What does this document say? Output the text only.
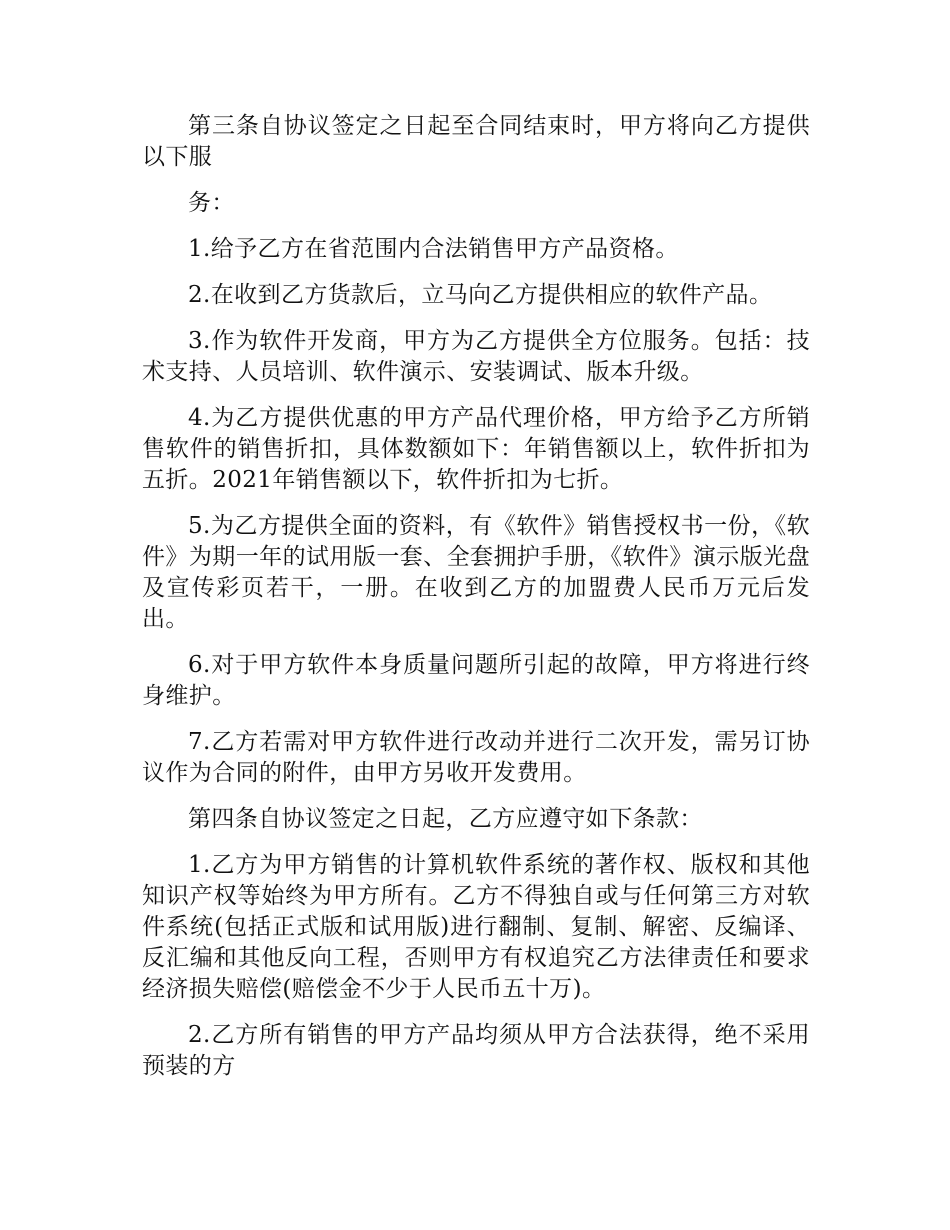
第三条自协议签定之日起至合同结束时，甲方将向乙方提供以下服

务：

1.给予乙方在省范围内合法销售甲方产品资格。

2.在收到乙方货款后，立马向乙方提供相应的软件产品。

3.作为软件开发商，甲方为乙方提供全方位服务。包括：技术支持、人员培训、软件演示、安装调试、版本升级。

4.为乙方提供优惠的甲方产品代理价格，甲方给予乙方所销售软件的销售折扣，具体数额如下：年销售额以上，软件折扣为五折。2021年销售额以下，软件折扣为七折。

5.为乙方提供全面的资料，有《软件》销售授权书一份，《软件》为期一年的试用版一套、全套拥护手册，《软件》演示版光盘及宣传彩页若干，一册。在收到乙方的加盟费人民币万元后发出。

6.对于甲方软件本身质量问题所引起的故障，甲方将进行终身维护。

7.乙方若需对甲方软件进行改动并进行二次开发，需另订协议作为合同的附件，由甲方另收开发费用。

第四条自协议签定之日起，乙方应遵守如下条款：

1.乙方为甲方销售的计算机软件系统的著作权、版权和其他知识产权等始终为甲方所有。乙方不得独自或与任何第三方对软件系统(包括正式版和试用版)进行翻制、复制、解密、反编译、反汇编和其他反向工程，否则甲方有权追究乙方法律责任和要求经济损失赔偿(赔偿金不少于人民币五十万)。

2.乙方所有销售的甲方产品均须从甲方合法获得，绝不采用预装的方
